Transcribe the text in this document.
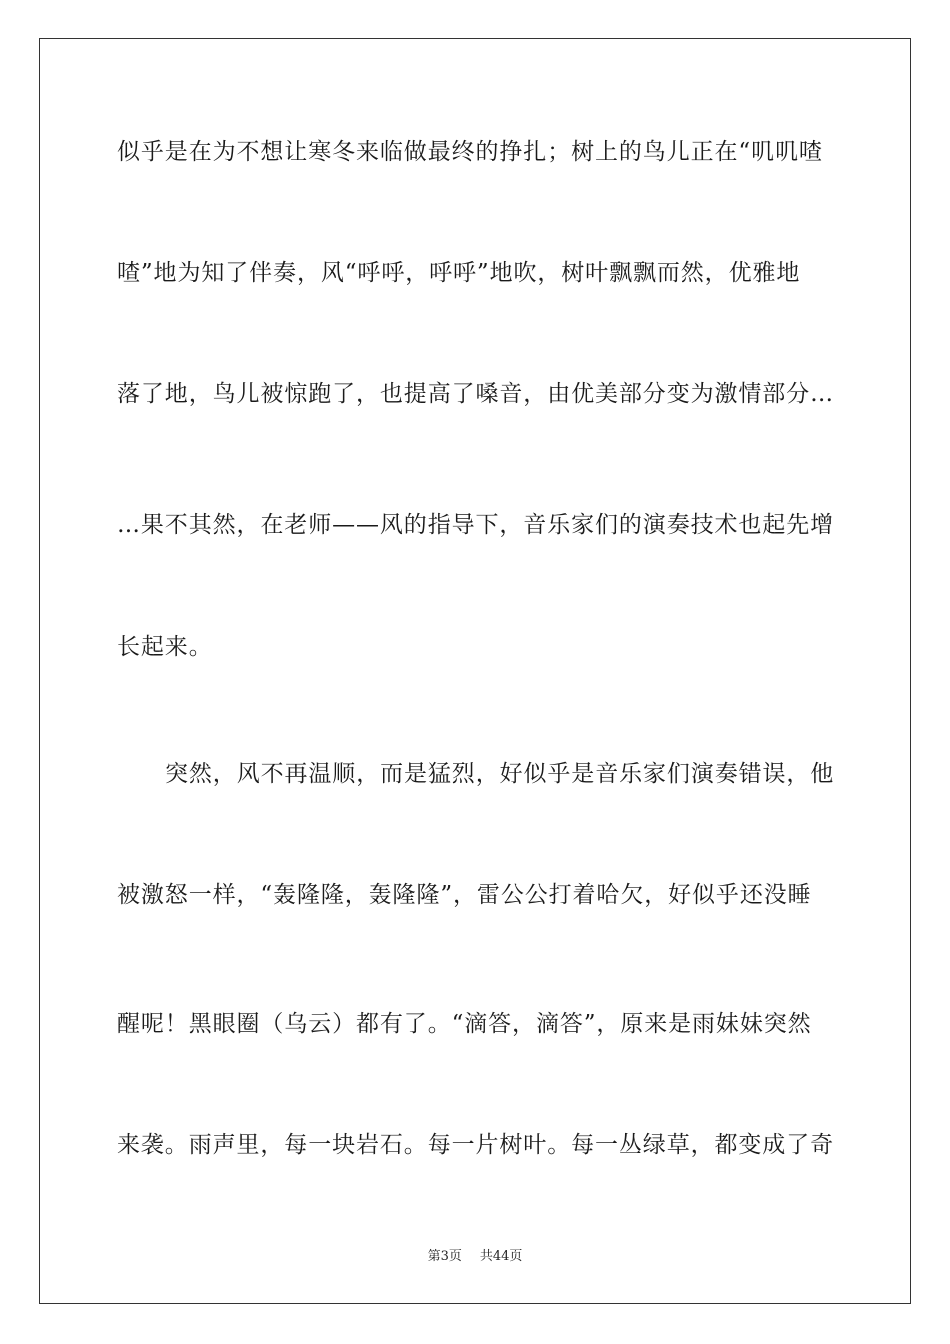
似乎是在为不想让寒冬来临做最终的挣扎；树上的鸟儿正在“叽叽喳
喳”地为知了伴奏，风“呼呼，呼呼”地吹，树叶飘飘而然，优雅地
落了地，鸟儿被惊跑了，也提高了嗓音，由优美部分变为激情部分…
…果不其然，在老师——风的指导下，音乐家们的演奏技术也起先增
长起来。
突然，风不再温顺，而是猛烈，好似乎是音乐家们演奏错误，他
被激怒一样，“轰隆隆，轰隆隆”，雷公公打着哈欠，好似乎还没睡
醒呢！黑眼圈（乌云）都有了。“滴答，滴答”，原来是雨妹妹突然
来袭。雨声里，每一块岩石。每一片树叶。每一丛绿草，都变成了奇
第3页 共44页
